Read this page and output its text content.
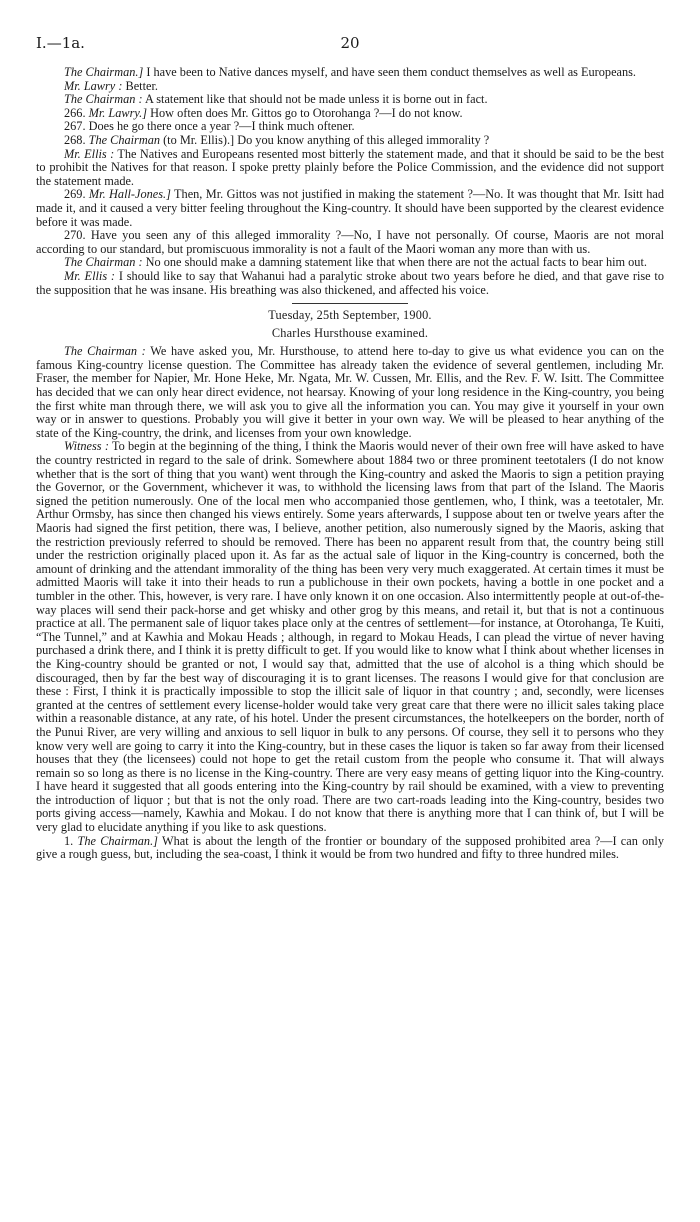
I.—1a.	20

The Chairman.] I have been to Native dances myself, and have seen them conduct themselves as well as Europeans.

Mr. Lawry : Better.

The Chairman : A statement like that should not be made unless it is borne out in fact.

266. Mr. Lawry.] How often does Mr. Gittos go to Otorohanga ?—I do not know.

267. Does he go there once a year ?—I think much oftener.

268. The Chairman (to Mr. Ellis).] Do you know anything of this alleged immorality ?

Mr. Ellis : The Natives and Europeans resented most bitterly the statement made, and that it should be said to be the best to prohibit the Natives for that reason. I spoke pretty plainly before the Police Commission, and the evidence did not support the statement made.

269. Mr. Hall-Jones.] Then, Mr. Gittos was not justified in making the statement ?—No. It was thought that Mr. Isitt had made it, and it caused a very bitter feeling throughout the King-country. It should have been supported by the clearest evidence before it was made.

270. Have you seen any of this alleged immorality ?—No, I have not personally. Of course, Maoris are not moral according to our standard, but promiscuous immorality is not a fault of the Maori woman any more than with us.

The Chairman : No one should make a damning statement like that when there are not the actual facts to bear him out.

Mr. Ellis : I should like to say that Wahanui had a paralytic stroke about two years before he died, and that gave rise to the supposition that he was insane. His breathing was also thickened, and affected his voice.

Tuesday, 25th September, 1900.

Charles Hursthouse examined.

The Chairman : We have asked you, Mr. Hursthouse, to attend here to-day to give us what evidence you can on the famous King-country license question. The Committee has already taken the evidence of several gentlemen, including Mr. Fraser, the member for Napier, Mr. Hone Heke, Mr. Ngata, Mr. W. Cussen, Mr. Ellis, and the Rev. F. W. Isitt. The Committee has decided that we can only hear direct evidence, not hearsay. Knowing of your long residence in the King-country, you being the first white man through there, we will ask you to give all the information you can. You may give it yourself in your own way or in answer to questions. Probably you will give it better in your own way. We will be pleased to hear anything of the state of the King-country, the drink, and licenses from your own knowledge.

Witness : To begin at the beginning of the thing, I think the Maoris would never of their own free will have asked to have the country restricted in regard to the sale of drink. Somewhere about 1884 two or three prominent teetotalers (I do not know whether that is the sort of thing that you want) went through the King-country and asked the Maoris to sign a petition praying the Governor, or the Government, whichever it was, to withhold the licensing laws from that part of the Island. The Maoris signed the petition numerously. One of the local men who accompanied those gentlemen, who, I think, was a teetotaler, Mr. Arthur Ormsby, has since then changed his views entirely. Some years afterwards, I suppose about ten or twelve years after the Maoris had signed the first petition, there was, I believe, another petition, also numerously signed by the Maoris, asking that the restriction previously referred to should be removed. There has been no apparent result from that, the country being still under the restriction originally placed upon it. As far as the actual sale of liquor in the King-country is concerned, both the amount of drinking and the attendant immorality of the thing has been very very much exaggerated. At certain times it must be admitted Maoris will take it into their heads to run a publichouse in their own pockets, having a bottle in one pocket and a tumbler in the other. This, however, is very rare. I have only known it on one occasion. Also intermittently people at out-of-the-way places will send their pack-horse and get whisky and other grog by this means, and retail it, but that is not a continuous practice at all. The permanent sale of liquor takes place only at the centres of settlement—for instance, at Otorohanga, Te Kuiti, “The Tunnel,” and at Kawhia and Mokau Heads ; although, in regard to Mokau Heads, I can plead the virtue of never having purchased a drink there, and I think it is pretty difficult to get. If you would like to know what I think about whether licenses in the King-country should be granted or not, I would say that, admitted that the use of alcohol is a thing which should be discouraged, then by far the best way of discouraging it is to grant licenses. The reasons I would give for that conclusion are these : First, I think it is practically impossible to stop the illicit sale of liquor in that country ; and, secondly, were licenses granted at the centres of settlement every license-holder would take very great care that there were no illicit sales taking place within a reasonable distance, at any rate, of his hotel. Under the present circumstances, the hotelkeepers on the border, north of the Punui River, are very willing and anxious to sell liquor in bulk to any persons. Of course, they sell it to persons who they know very well are going to carry it into the King-country, but in these cases the liquor is taken so far away from their licensed houses that they (the licensees) could not hope to get the retail custom from the people who consume it. That will always remain so so long as there is no license in the King-country. There are very easy means of getting liquor into the King-country. I have heard it suggested that all goods entering into the King-country by rail should be examined, with a view to preventing the introduction of liquor ; but that is not the only road. There are two cart-roads leading into the King-country, besides two ports giving access—namely, Kawhia and Mokau. I do not know that there is anything more that I can think of, but I will be very glad to elucidate anything if you like to ask questions.

1. The Chairman.] What is about the length of the frontier or boundary of the supposed prohibited area ?—I can only give a rough guess, but, including the sea-coast, I think it would be from two hundred and fifty to three hundred miles.
